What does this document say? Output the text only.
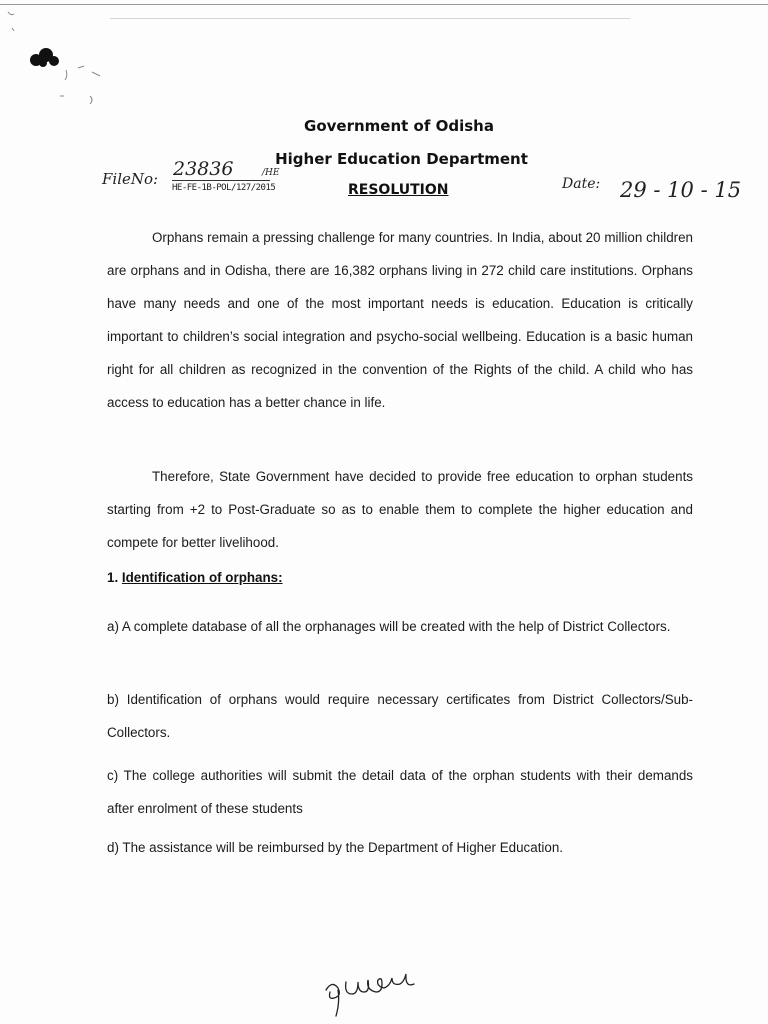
Government of Odisha
Higher Education Department
RESOLUTION
FileNo: 23836	/HE
HE-FE-1B-POL/127/2015	Date: 29 - 10 - 15

Orphans remain a pressing challenge for many countries. In India, about 20 million children are orphans and in Odisha, there are 16,382 orphans living in 272 child care institutions. Orphans have many needs and one of the most important needs is education. Education is critically important to children’s social integration and psycho-social wellbeing. Education is a basic human right for all children as recognized in the convention of the Rights of the child. A child who has access to education has a better chance in life.

Therefore, State Government have decided to provide free education to orphan students starting from +2 to Post-Graduate so as to enable them to complete the higher education and compete for better livelihood.

1. Identification of orphans:

a) A complete database of all the orphanages will be created with the help of District Collectors.

b) Identification of orphans would require necessary certificates from District Collectors/Sub-Collectors.

c) The college authorities will submit the detail data of the orphan students with their demands after enrolment of these students

d) The assistance will be reimbursed by the Department of Higher Education.
